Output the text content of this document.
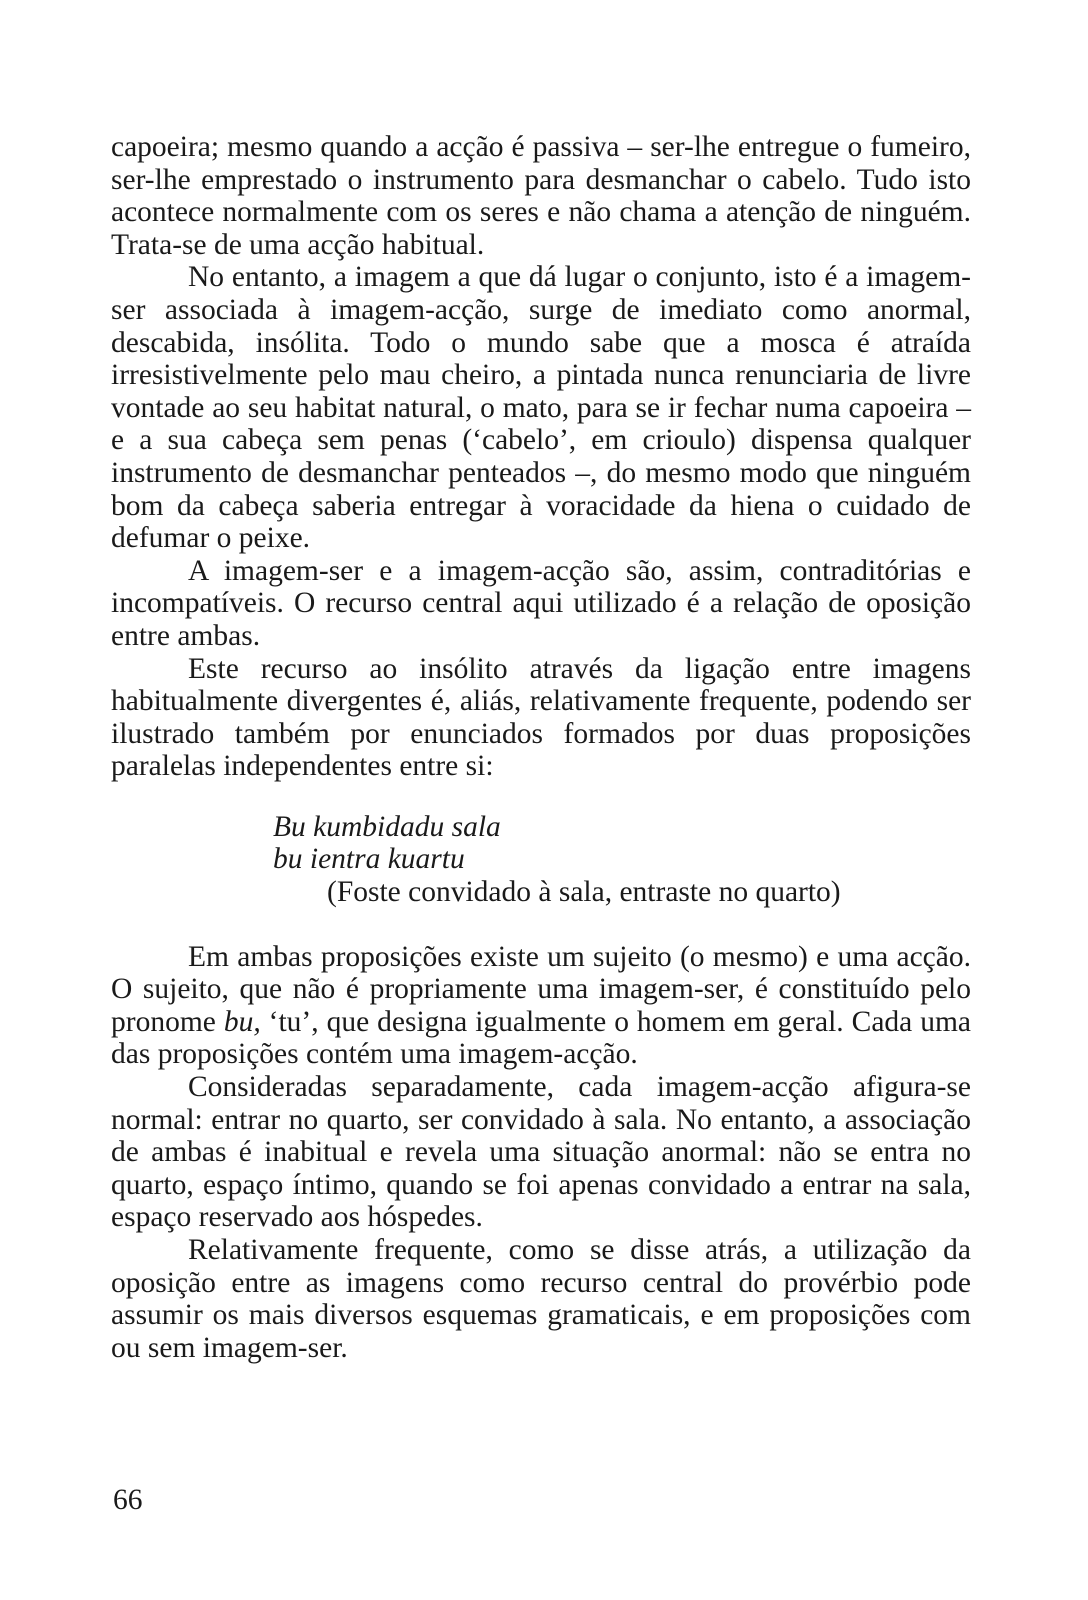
capoeira; mesmo quando a acção é passiva – ser-lhe entregue o fumeiro, ser-lhe emprestado o instrumento para desmanchar o cabelo. Tudo isto acontece normalmente com os seres e não chama a atenção de ninguém. Trata-se de uma acção habitual.

No entanto, a imagem a que dá lugar o conjunto, isto é a imagem-ser associada à imagem-acção, surge de imediato como anormal, descabida, insólita. Todo o mundo sabe que a mosca é atraída irresistivelmente pelo mau cheiro, a pintada nunca renunciaria de livre vontade ao seu habitat natural, o mato, para se ir fechar numa capoeira – e a sua cabeça sem penas (‘cabelo’, em crioulo) dispensa qualquer instrumento de desmanchar penteados –, do mesmo modo que ninguém bom da cabeça saberia entregar à voracidade da hiena o cuidado de defumar o peixe.

A imagem-ser e a imagem-acção são, assim, contraditórias e incompatíveis. O recurso central aqui utilizado é a relação de oposição entre ambas.

Este recurso ao insólito através da ligação entre imagens habitualmente divergentes é, aliás, relativamente frequente, podendo ser ilustrado também por enunciados formados por duas proposições paralelas independentes entre si:

Bu kumbidadu sala

bu ientra kuartu

(Foste convidado à sala, entraste no quarto)

Em ambas proposições existe um sujeito (o mesmo) e uma acção. O sujeito, que não é propriamente uma imagem-ser, é constituído pelo pronome bu, ‘tu’, que designa igualmente o homem em geral. Cada uma das proposições contém uma imagem-acção.

Consideradas separadamente, cada imagem-acção afigura-se normal: entrar no quarto, ser convidado à sala. No entanto, a associação de ambas é inabitual e revela uma situação anormal: não se entra no quarto, espaço íntimo, quando se foi apenas convidado a entrar na sala, espaço reservado aos hóspedes.

Relativamente frequente, como se disse atrás, a utilização da oposição entre as imagens como recurso central do provérbio pode assumir os mais diversos esquemas gramaticais, e em proposições com ou sem imagem-ser.

66
